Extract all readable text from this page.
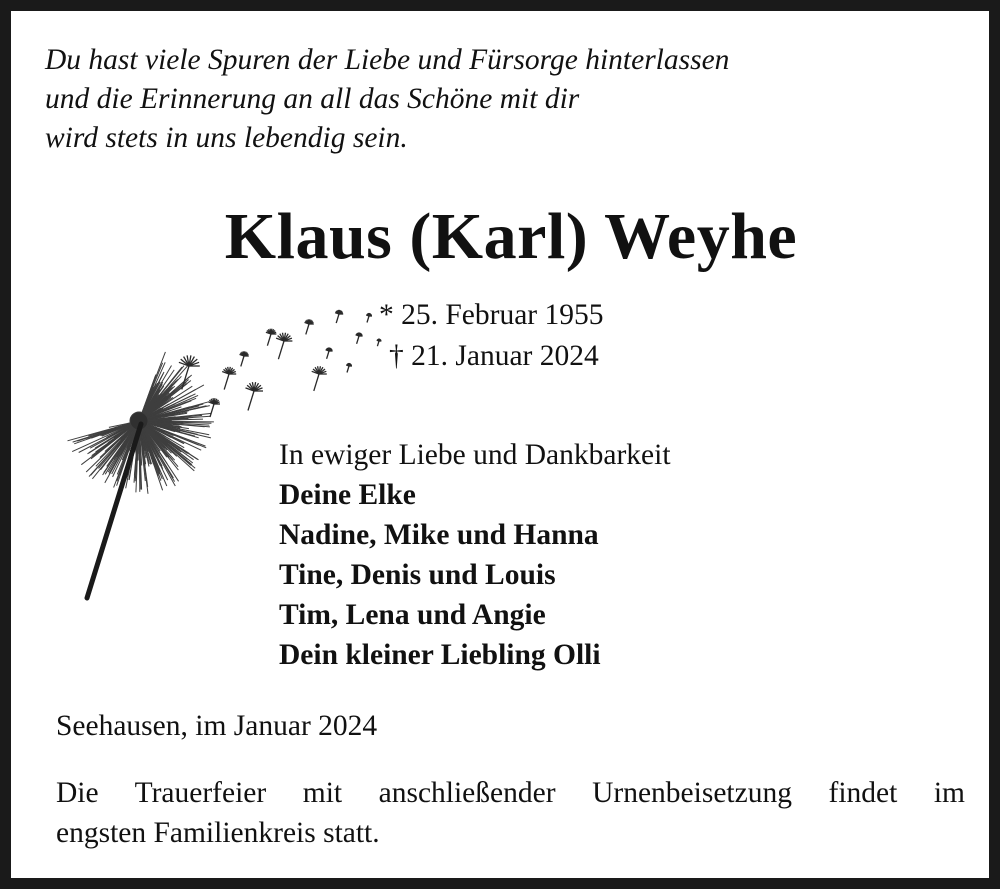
Du hast viele Spuren der Liebe und Fürsorge hinterlassen
und die Erinnerung an all das Schöne mit dir
wird stets in uns lebendig sein.
Klaus (Karl) Weyhe
* 25. Februar 1955
† 21. Januar 2024
In ewiger Liebe und Dankbarkeit
Deine Elke
Nadine, Mike und Hanna
Tine, Denis und Louis
Tim, Lena und Angie
Dein kleiner Liebling Olli
Seehausen, im Januar 2024
Die Trauerfeier mit anschließender Urnenbeisetzung findet im
engsten Familienkreis statt.
